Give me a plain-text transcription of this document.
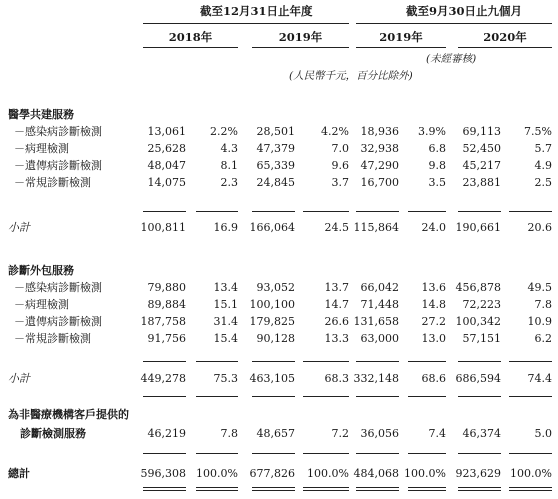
截至12月31日止年度	截至9月30日止九個月
2018年	2019年	2019年	2020年
(未經審核)
(人民幣千元，百分比除外)
醫學共建服務
－感染病診斷檢測	13,061	2.2%	28,501	4.2%	18,936	3.9%	69,113	7.5%
－病理檢測	25,628	4.3	47,379	7.0	32,938	6.8	52,450	5.7
－遺傳病診斷檢測	48,047	8.1	65,339	9.6	47,290	9.8	45,217	4.9
－常規診斷檢測	14,075	2.3	24,845	3.7	16,700	3.5	23,881	2.5
小計	100,811	16.9	166,064	24.5 115,864	24.0 190,661	20.6
診斷外包服務
－感染病診斷檢測	79,880	13.4	93,052	13.7	66,042	13.6 456,878	49.5
－病理檢測	89,884	15.1	100,100	14.7	71,448	14.8	72,223	7.8
－遺傳病診斷檢測	187,758	31.4	179,825	26.6 131,658	27.2 100,342	10.9
－常規診斷檢測	91,756	15.4	90,128	13.3	63,000	13.0	57,151	6.2
小計	449,278	75.3	463,105	68.3 332,148	68.6 686,594	74.4
為非醫療機構客戶提供的
診斷檢測服務	46,219	7.8	48,657	7.2	36,056	7.4	46,374	5.0
總計	596,308 100.0%	677,826	100.0% 484,068 100.0% 923,629 100.0%
